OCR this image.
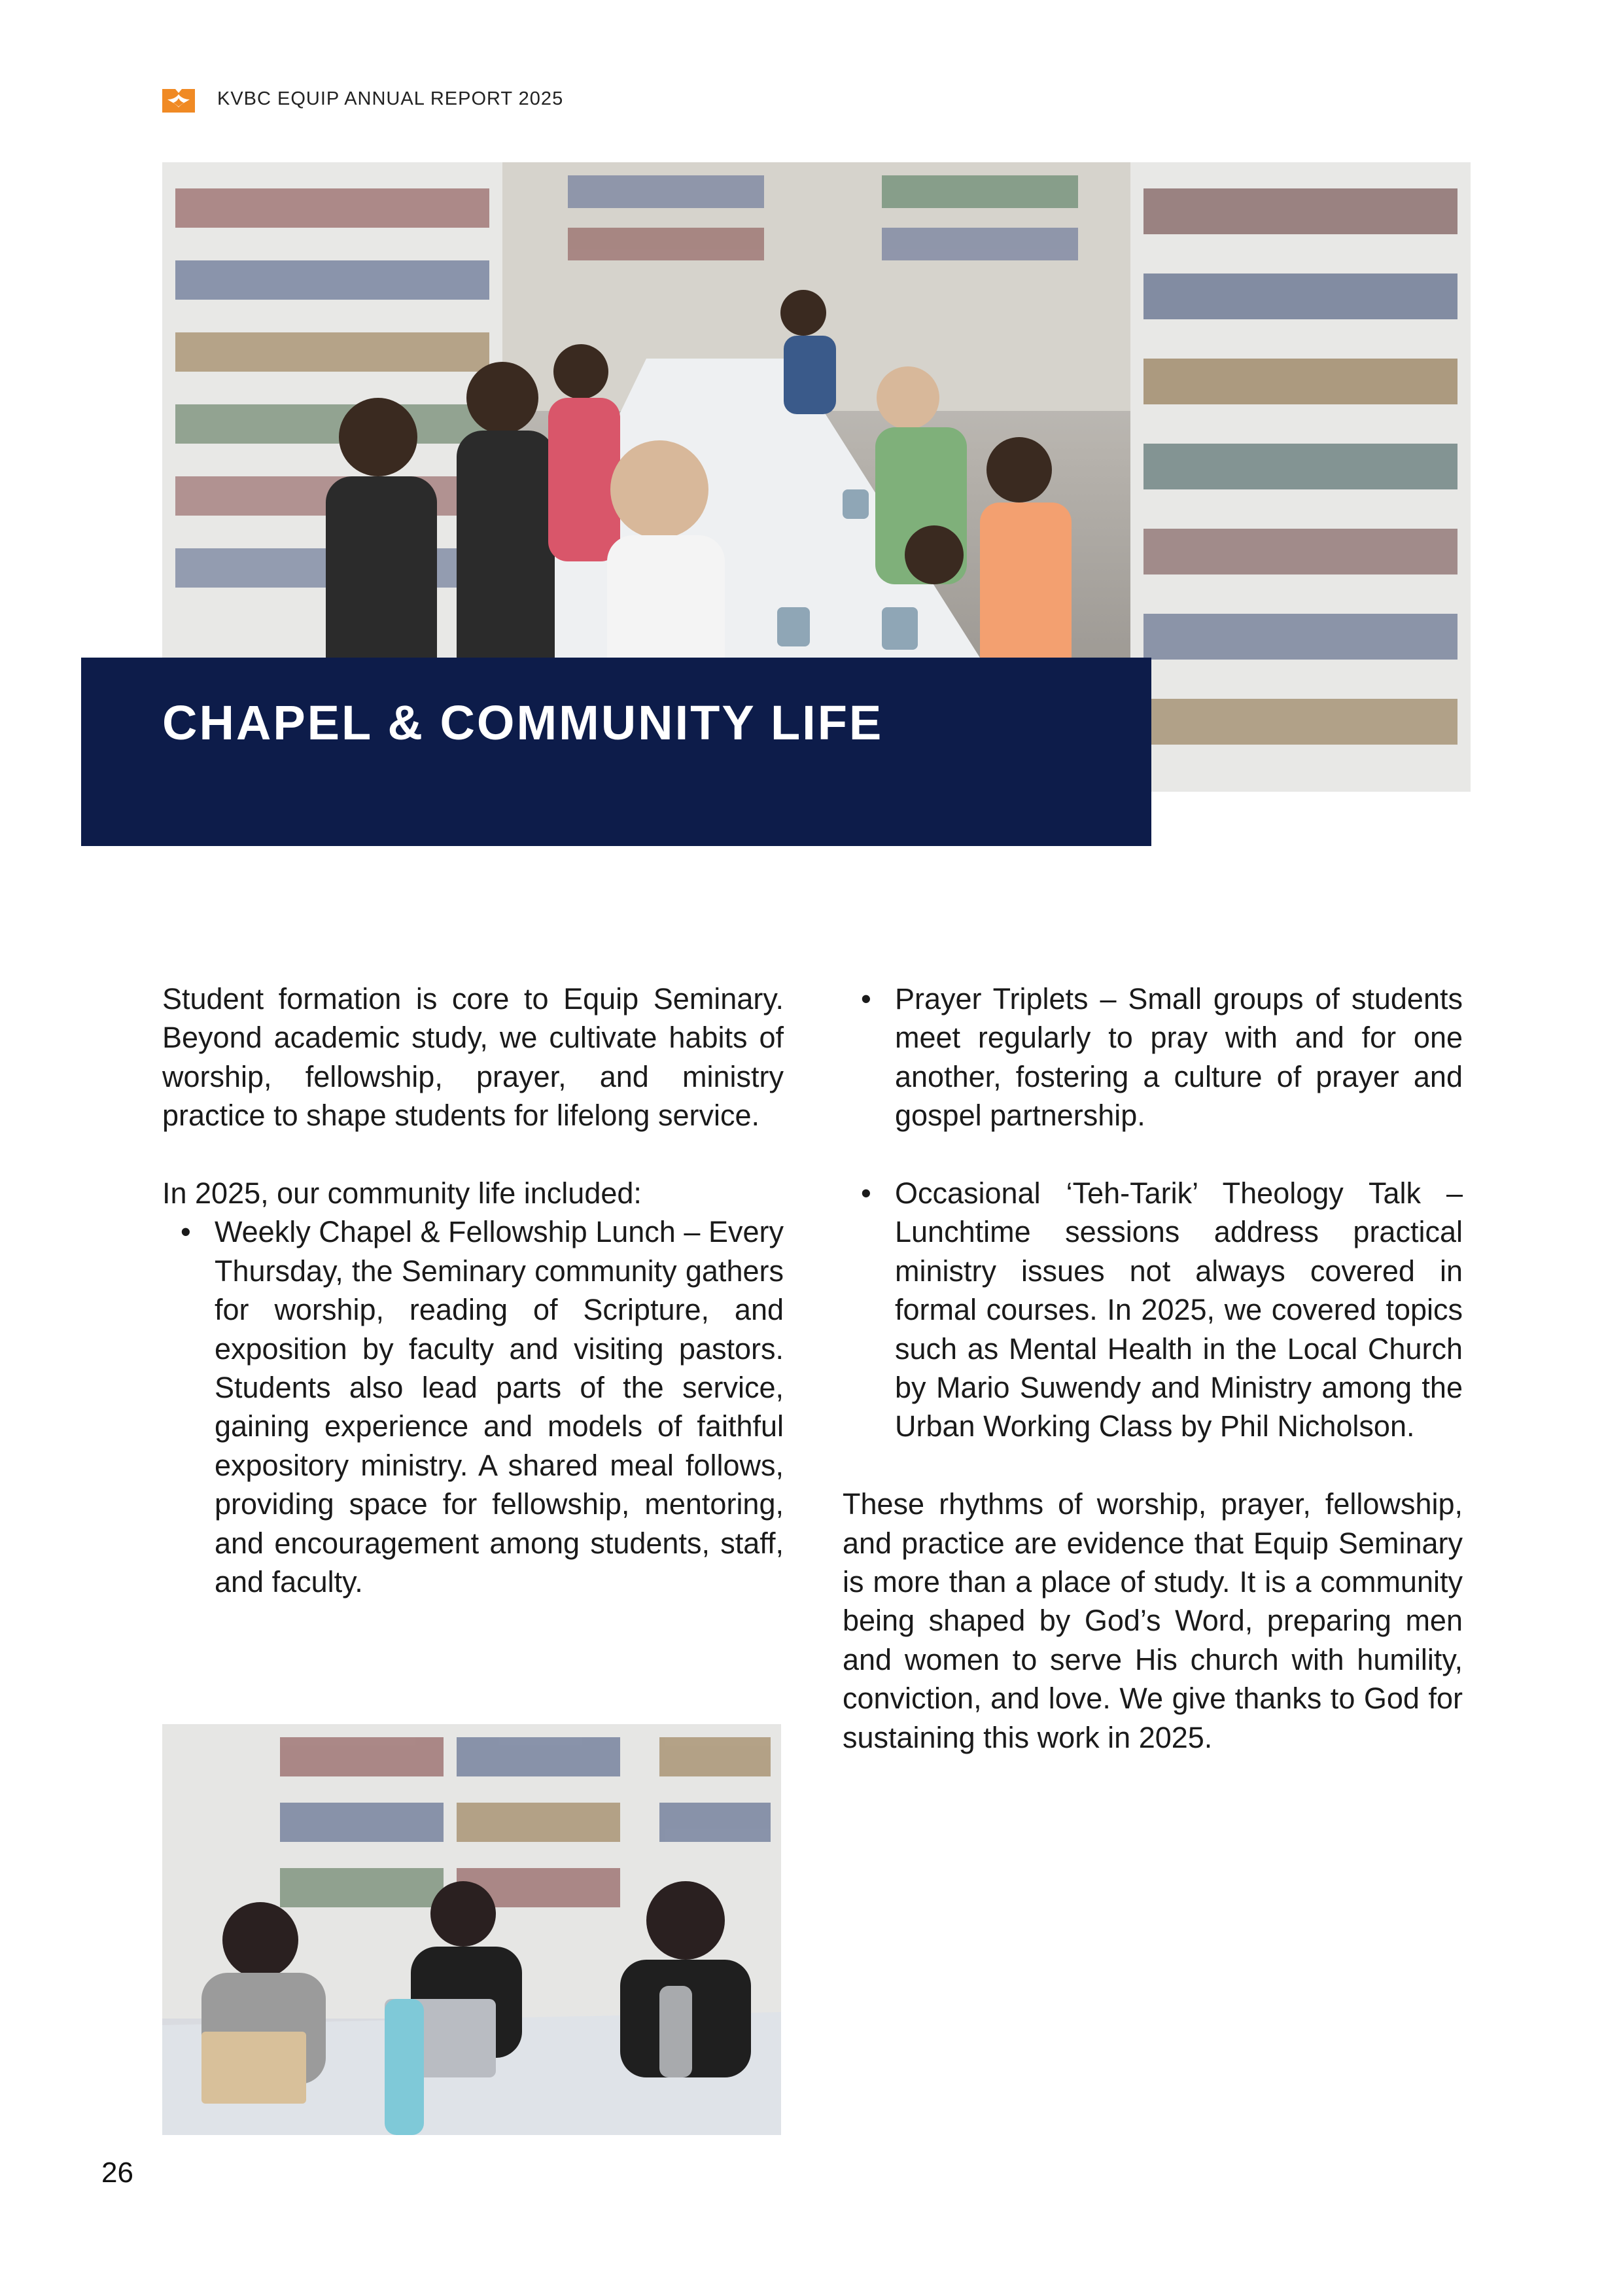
KVBC EQUIP ANNUAL REPORT 2025
CHAPEL & COMMUNITY LIFE

Student formation is core to Equip Seminary. Beyond academic study, we cultivate habits of worship, fellowship, prayer, and ministry practice to shape students for lifelong service.

In 2025, our community life included:

• Weekly Chapel & Fellowship Lunch – Every Thursday, the Seminary community gathers for worship, reading of Scripture, and exposition by faculty and visiting pastors. Students also lead parts of the service, gaining experience and models of faithful expository ministry. A shared meal follows, providing space for fellowship, mentoring, and encouragement among students, staff, and faculty.
• Prayer Triplets – Small groups of students meet regularly to pray with and for one another, fostering a culture of prayer and gospel partnership.
• Occasional ‘Teh-Tarik’ Theology Talk – Lunchtime sessions address practical ministry issues not always covered in formal courses. In 2025, we covered topics such as Mental Health in the Local Church by Mario Suwendy and Ministry among the Urban Working Class by Phil Nicholson.

These rhythms of worship, prayer, fellowship, and practice are evidence that Equip Seminary is more than a place of study. It is a community being shaped by God’s Word, preparing men and women to serve His church with humility, conviction, and love. We give thanks to God for sustaining this work in 2025.

26
